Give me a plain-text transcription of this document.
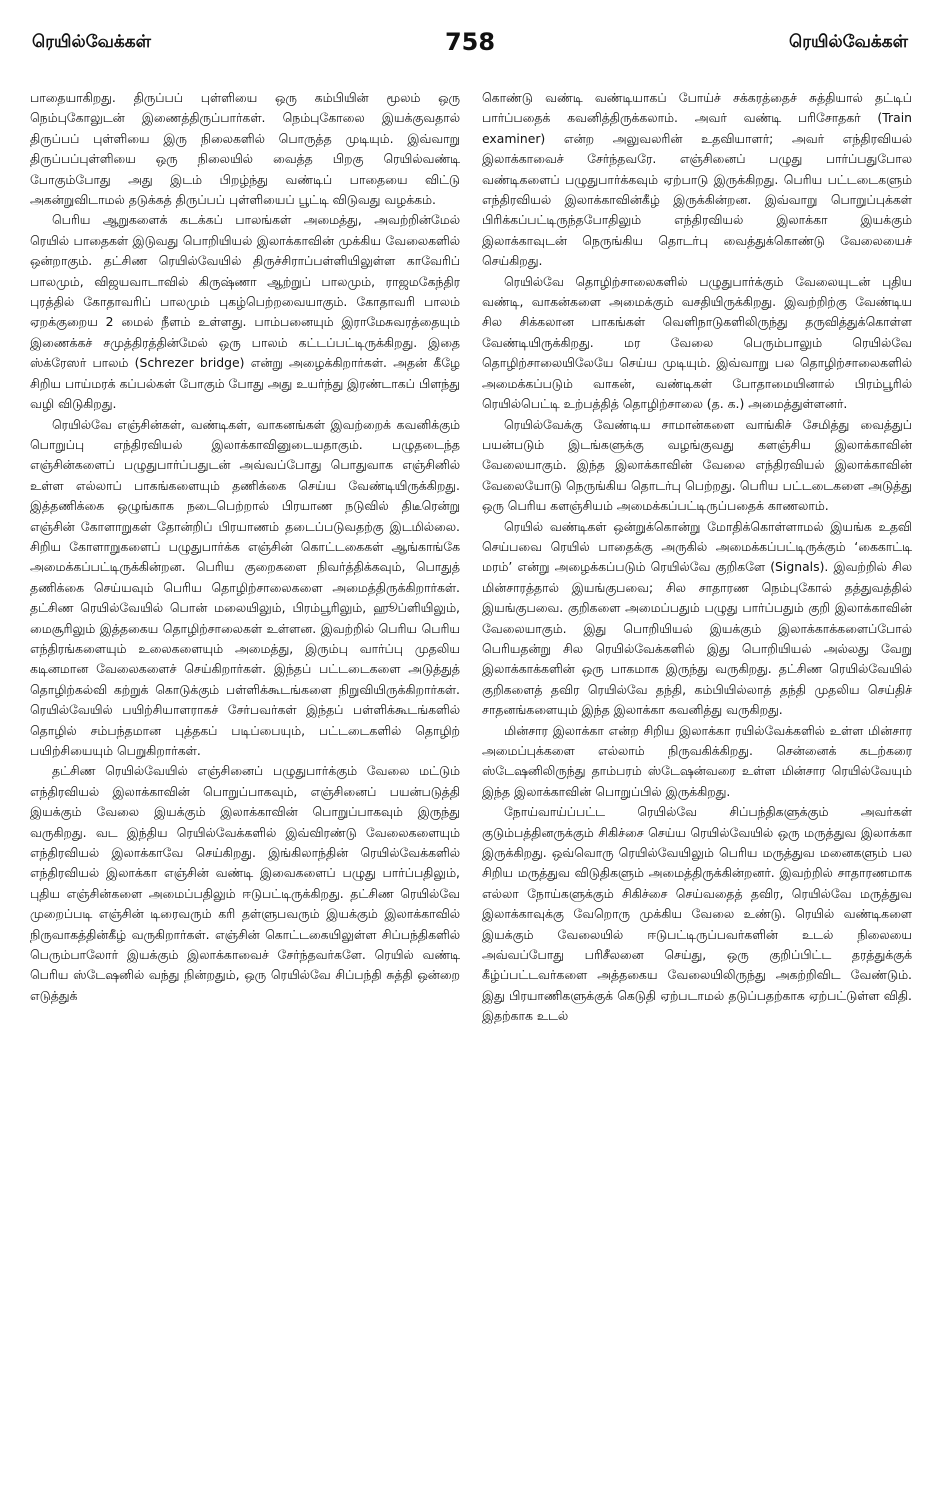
ரெயில்வேக்கள்	758	ரெயில்வேக்கள்

பாதையாகிறது. திருப்பப் புள்ளியை ஒரு கம்பியின் மூலம் ஒரு நெம்புகோலுடன் இணைத்திருப்பார்கள். நெம்புகோலை இயக்குவதால் திருப்பப் புள்ளியை இரு நிலைகளில் பொருத்த முடியும். இவ்வாறு திருப்பப்புள்ளியை ஒரு நிலையில் வைத்த பிறகு ரெயில்வண்டி போகும்போது அது இடம் பிறழ்ந்து வண்டிப் பாதையை விட்டு அகன்றுவிடாமல் தடுக்கத் திருப்பப் புள்ளியைப் பூட்டி விடுவது வழக்கம்.

பெரிய ஆறுகளைக் கடக்கப் பாலங்கள் அமைத்து, அவற்றின்மேல் ரெயில் பாதைகள் இடுவது பொறியியல் இலாக்காவின் முக்கிய வேலைகளில் ஒன்றாகும். தட்சிண ரெயில்வேயில் திருச்சிராப்பள்ளியிலுள்ள காவேரிப் பாலமும், விஜயவாடாவில் கிருஷ்ணா ஆற்றுப் பாலமும், ராஜமகேந்திர புரத்தில் கோதாவரிப் பாலமும் புகழ்பெற்றவையாகும். கோதாவரி பாலம் ஏறக்குறைய 2 மைல் நீளம் உள்ளது. பாம்பனையும் இராமேசுவரத்தையும் இணைக்கச் சமுத்திரத்தின்மேல் ஒரு பாலம் கட்டப்பட்டிருக்கிறது. இதை ஸ்க்ரேஸர் பாலம் (Schrezer bridge) என்று அழைக்கிறார்கள். அதன் கீழே சிறிய பாய்மரக் கப்பல்கள் போகும் போது அது உயர்ந்து இரண்டாகப் பிளந்து வழி விடுகிறது.

ரெயில்வே எஞ்சின்கள், வண்டிகள், வாகனங்கள் இவற்றைக் கவனிக்கும் பொறுப்பு எந்திரவியல் இலாக்காவினுடையதாகும். பழுதடைந்த எஞ்சின்களைப் பழுதுபார்ப்பதுடன் அவ்வப்போது பொதுவாக எஞ்சினில் உள்ள எல்லாப் பாகங்களையும் தணிக்கை செய்ய வேண்டியிருக்கிறது. இத்தணிக்கை ஒழுங்காக நடைபெற்றால் பிரயாண நடுவில் திடீரென்று எஞ்சின் கோளாறுகள் தோன்றிப் பிரயாணம் தடைப்படுவதற்கு இடமில்லை. சிறிய கோளாறுகளைப் பழுதுபார்க்க எஞ்சின் கொட்டகைகள் ஆங்காங்கே அமைக்கப்பட்டிருக்கின்றன. பெரிய குறைகளை நிவர்த்திக்கவும், பொதுத் தணிக்கை செய்யவும் பெரிய தொழிற்சாலைகளை அமைத்திருக்கிறார்கள். தட்சிண ரெயில்வேயில் பொன் மலையிலும், பிரம்பூரிலும், ஹூப்ளியிலும், மைசூரிலும் இத்தகைய தொழிற்சாலைகள் உள்ளன. இவற்றில் பெரிய பெரிய எந்திரங்களையும் உலைகளையும் அமைத்து, இரும்பு வார்ப்பு முதலிய கடினமான வேலைகளைச் செய்கிறார்கள். இந்தப் பட்டடைகளை அடுத்துத் தொழிற்கல்வி கற்றுக் கொடுக்கும் பள்ளிக்கூடங்களை நிறுவியிருக்கிறார்கள். ரெயில்வேயில் பயிற்சியாளராகச் சேர்பவர்கள் இந்தப் பள்ளிக்கூடங்களில் தொழில் சம்பந்தமான புத்தகப் படிப்பையும், பட்டடைகளில் தொழிற் பயிற்சியையும் பெறுகிறார்கள்.

தட்சிண ரெயில்வேயில் எஞ்சினைப் பழுதுபார்க்கும் வேலை மட்டும் எந்திரவியல் இலாக்காவின் பொறுப்பாகவும், எஞ்சினைப் பயன்படுத்தி இயக்கும் வேலை இயக்கும் இலாக்காவின் பொறுப்பாகவும் இருந்து வருகிறது. வட இந்திய ரெயில்வேக்களில் இவ்விரண்டு வேலைகளையும் எந்திரவியல் இலாக்காவே செய்கிறது. இங்கிலாந்தின் ரெயில்வேக்களில் எந்திரவியல் இலாக்கா எஞ்சின் வண்டி இவைகளைப் பழுது பார்ப்பதிலும், புதிய எஞ்சின்களை அமைப்பதிலும் ஈடுபட்டிருக்கிறது. தட்சிண ரெயில்வே முறைப்படி எஞ்சின் டிரைவரும் கரி தள்ளுபவரும் இயக்கும் இலாக்காவில் நிருவாகத்தின்கீழ் வருகிறார்கள். எஞ்சின் கொட்டகையிலுள்ள சிப்பந்திகளில் பெரும்பாலோர் இயக்கும் இலாக்காவைச் சேர்ந்தவர்களே. ரெயில் வண்டி பெரிய ஸ்டேஷனில் வந்து நின்றதும், ஒரு ரெயில்வே சிப்பந்தி சுத்தி ஒன்றை எடுத்துக்

கொண்டு வண்டி வண்டியாகப் போய்ச் சக்கரத்தைச் சுத்தியால் தட்டிப் பார்ப்பதைக் கவனித்திருக்கலாம். அவர் வண்டி பரிசோதகர் (Train examiner) என்ற அலுவலரின் உதவியாளர்; அவர் எந்திரவியல் இலாக்காவைச் சேர்ந்தவரே. எஞ்சினைப் பழுது பார்ப்பதுபோல வண்டிகளைப் பழுதுபார்க்கவும் ஏற்பாடு இருக்கிறது. பெரிய பட்டடைகளும் எந்திரவியல் இலாக்காவின்கீழ் இருக்கின்றன. இவ்வாறு பொறுப்புக்கள் பிரிக்கப்பட்டிருந்தபோதிலும் எந்திரவியல் இலாக்கா இயக்கும் இலாக்காவுடன் நெருங்கிய தொடர்பு வைத்துக்கொண்டு வேலையைச் செய்கிறது.

ரெயில்வே தொழிற்சாலைகளில் பழுதுபார்க்கும் வேலையுடன் புதிய வண்டி, வாகன்களை அமைக்கும் வசதியிருக்கிறது. இவற்றிற்கு வேண்டிய சில சிக்கலான பாகங்கள் வெளிநாடுகளிலிருந்து தருவித்துக்கொள்ள வேண்டியிருக்கிறது. மர வேலை பெரும்பாலும் ரெயில்வே தொழிற்சாலையிலேயே செய்ய முடியும். இவ்வாறு பல தொழிற்சாலைகளில் அமைக்கப்படும் வாகன், வண்டிகள் போதாமையினால் பிரம்பூரில் ரெயில்பெட்டி உற்பத்தித் தொழிற்சாலை (த. க.) அமைத்துள்ளனர்.

ரெயில்வேக்கு வேண்டிய சாமான்களை வாங்கிச் சேமித்து வைத்துப் பயன்படும் இடங்களுக்கு வழங்குவது களஞ்சிய இலாக்காவின் வேலையாகும். இந்த இலாக்காவின் வேலை எந்திரவியல் இலாக்காவின் வேலையோடு நெருங்கிய தொடர்பு பெற்றது. பெரிய பட்டடைகளை அடுத்து ஒரு பெரிய களஞ்சியம் அமைக்கப்பட்டிருப்பதைக் காணலாம்.

ரெயில் வண்டிகள் ஒன்றுக்கொன்று மோதிக்கொள்ளாமல் இயங்க உதவி செய்பவை ரெயில் பாதைக்கு அருகில் அமைக்கப்பட்டிருக்கும் ‘கைகாட்டி மரம்’ என்று அழைக்கப்படும் ரெயில்வே குறிகளே (Signals). இவற்றில் சில மின்சாரத்தால் இயங்குபவை; சில சாதாரண நெம்புகோல் தத்துவத்தில் இயங்குபவை. குறிகளை அமைப்பதும் பழுது பார்ப்பதும் குறி இலாக்காவின் வேலையாகும். இது பொறியியல் இயக்கும் இலாக்காக்களைப்போல் பெரியதன்று சில ரெயில்வேக்களில் இது பொறியியல் அல்லது வேறு இலாக்காக்களின் ஒரு பாகமாக இருந்து வருகிறது. தட்சிண ரெயில்வேயில் குறிகளைத் தவிர ரெயில்வே தந்தி, கம்பியில்லாத் தந்தி முதலிய செய்திச் சாதனங்களையும் இந்த இலாக்கா கவனித்து வருகிறது.

மின்சார இலாக்கா என்ற சிறிய இலாக்கா ரயில்வேக்களில் உள்ள மின்சார அமைப்புக்களை எல்லாம் நிருவகிக்கிறது. சென்னைக் கடற்கரை ஸ்டேஷனிலிருந்து தாம்பரம் ஸ்டேஷன்வரை உள்ள மின்சார ரெயில்வேயும் இந்த இலாக்காவின் பொறுப்பில் இருக்கிறது.

நோய்வாய்ப்பட்ட ரெயில்வே சிப்பந்திகளுக்கும் அவர்கள் குடும்பத்தினருக்கும் சிகிச்சை செய்ய ரெயில்வேயில் ஒரு மருத்துவ இலாக்கா இருக்கிறது. ஒவ்வொரு ரெயில்வேயிலும் பெரிய மருத்துவ மனைகளும் பல சிறிய மருத்துவ விடுதிகளும் அமைத்திருக்கின்றனர். இவற்றில் சாதாரணமாக எல்லா நோய்களுக்கும் சிகிச்சை செய்வதைத் தவிர, ரெயில்வே மருத்துவ இலாக்காவுக்கு வேறொரு முக்கிய வேலை உண்டு. ரெயில் வண்டிகளை இயக்கும் வேலையில் ஈடுபட்டிருப்பவர்களின் உடல் நிலையை அவ்வப்போது பரிசீலனை செய்து, ஒரு குறிப்பிட்ட தரத்துக்குக் கீழ்ப்பட்டவர்களை அத்தகைய வேலையிலிருந்து அகற்றிவிட வேண்டும். இது பிரயாணிகளுக்குக் கெடுதி ஏற்படாமல் தடுப்பதற்காக ஏற்பட்டுள்ள விதி. இதற்காக உடல்
